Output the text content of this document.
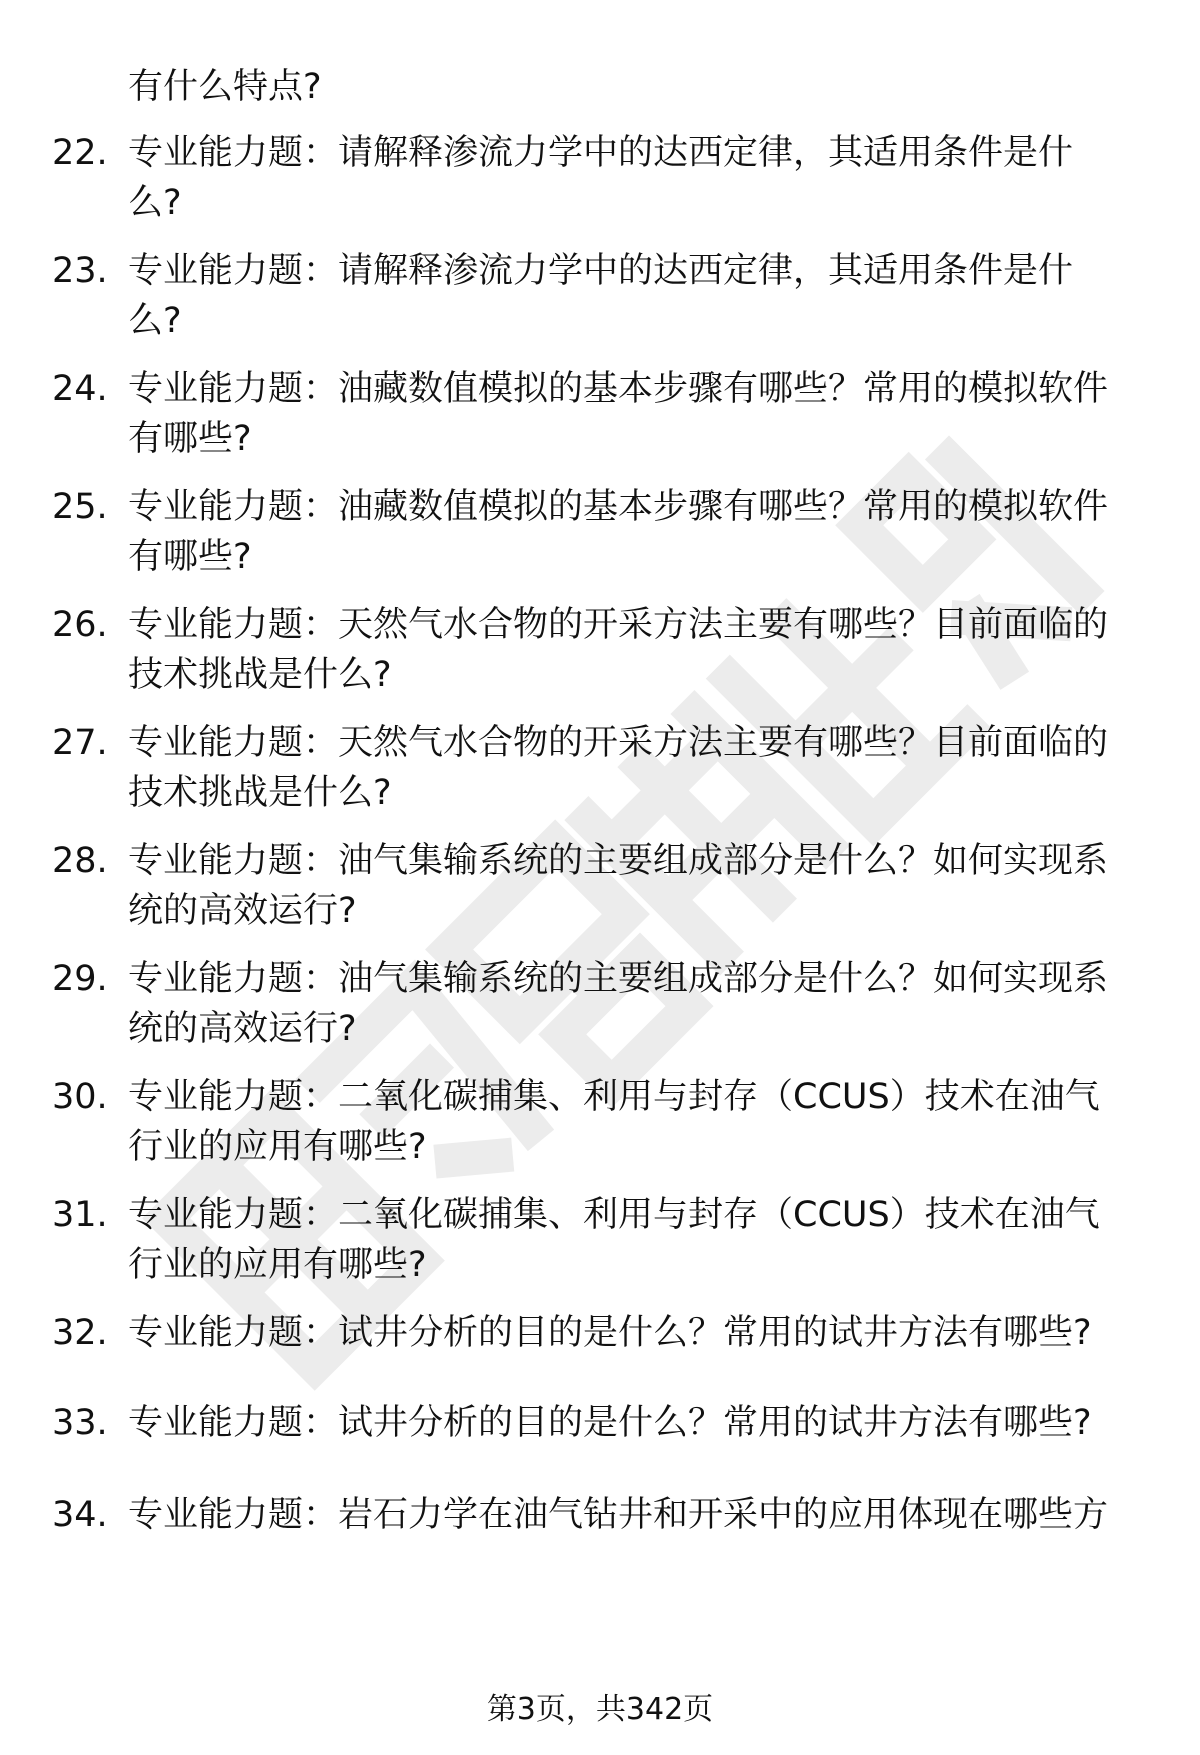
有什么特点?
22. 专业能力题：请解释渗流力学中的达西定律，其适用条件是什
么?
23. 专业能力题：请解释渗流力学中的达西定律，其适用条件是什
么?
24. 专业能力题：油藏数值模拟的基本步骤有哪些？常用的模拟软件
有哪些?
25. 专业能力题：油藏数值模拟的基本步骤有哪些？常用的模拟软件
有哪些?
26. 专业能力题：天然气水合物的开采方法主要有哪些？目前面临的
技术挑战是什么?
27. 专业能力题：天然气水合物的开采方法主要有哪些？目前面临的
技术挑战是什么?
28. 专业能力题：油气集输系统的主要组成部分是什么？如何实现系
统的高效运行?
29. 专业能力题：油气集输系统的主要组成部分是什么？如何实现系
统的高效运行?
30. 专业能力题：二氧化碳捕集、利用与封存（CCUS）技术在油气
行业的应用有哪些?
31. 专业能力题：二氧化碳捕集、利用与封存（CCUS）技术在油气
行业的应用有哪些?
32. 专业能力题：试井分析的目的是什么？常用的试井方法有哪些?
33. 专业能力题：试井分析的目的是什么？常用的试井方法有哪些?
34. 专业能力题：岩石力学在油气钻井和开采中的应用体现在哪些方
第3页，共342页
